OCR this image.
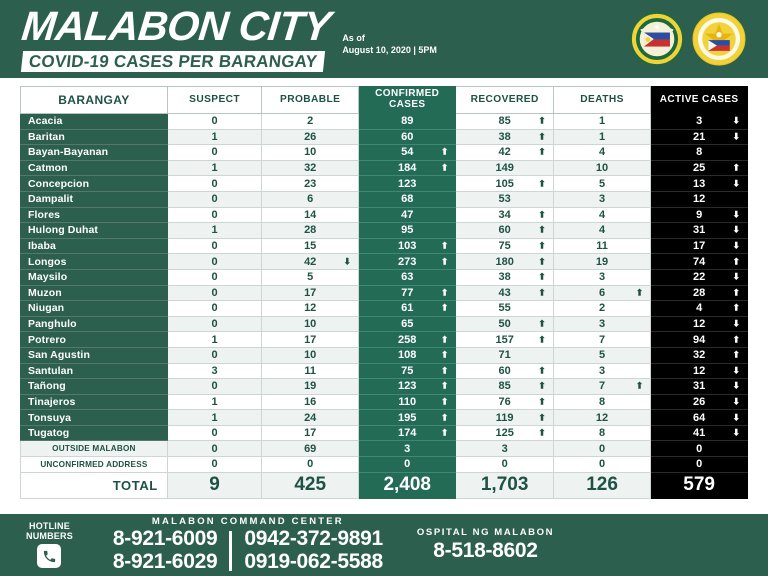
MALABON CITY
COVID-19 CASES PER BARANGAY
As of
August 10, 2020 | 5PM
BARANGAY	SUSPECT	PROBABLE	CONFIRMED CASES	RECOVERED	DEATHS	ACTIVE CASES
Acacia	0	2	89	85 ⬆	1	3 ⬇

Baritan	1	26	60	38 ⬆	1	21 ⬇

Bayan-Bayanan	0	10	54 ⬆	42 ⬆	4	8

Catmon	1	32	184 ⬆	149	10	25 ⬆

Concepcion	0	23	123	105 ⬆	5	13 ⬇

Dampalit	0	6	68	53	3	12

Flores	0	14	47	34 ⬆	4	9 ⬇

Hulong Duhat	1	28	95	60 ⬆	4	31 ⬇

Ibaba	0	15	103 ⬆	75 ⬆	11	17 ⬇

Longos	0	42 ⬇	273 ⬆	180 ⬆	19	74 ⬆

Maysilo	0	5	63	38 ⬆	3	22 ⬇

Muzon	0	17	77 ⬆	43 ⬆	6 ⬆	28 ⬆

Niugan	0	12	61 ⬆	55	2	4 ⬆

Panghulo	0	10	65	50 ⬆	3	12 ⬇

Potrero	1	17	258 ⬆	157 ⬆	7	94 ⬆

San Agustin	0	10	108 ⬆	71	5	32 ⬆

Santulan	3	11	75 ⬆	60 ⬆	3	12 ⬇

Tañong	0	19	123 ⬆	85 ⬆	7 ⬆	31 ⬇

Tinajeros	1	16	110 ⬆	76 ⬆	8	26 ⬇

Tonsuya	1	24	195 ⬆	119 ⬆	12	64 ⬇

Tugatog	0	17	174 ⬆	125 ⬆	8	41 ⬇

OUTSIDE MALABON	0	69	3	3	0	0

UNCONFIRMED ADDRESS	0	0	0	0	0	0

TOTAL	9	425	2,408	1,703	126	579
HOTLINE
NUMBERS
MALABON COMMAND CENTER
8-921-6009
8-921-6029
0942-372-9891
0919-062-5588
OSPITAL NG MALABON
8-518-8602
